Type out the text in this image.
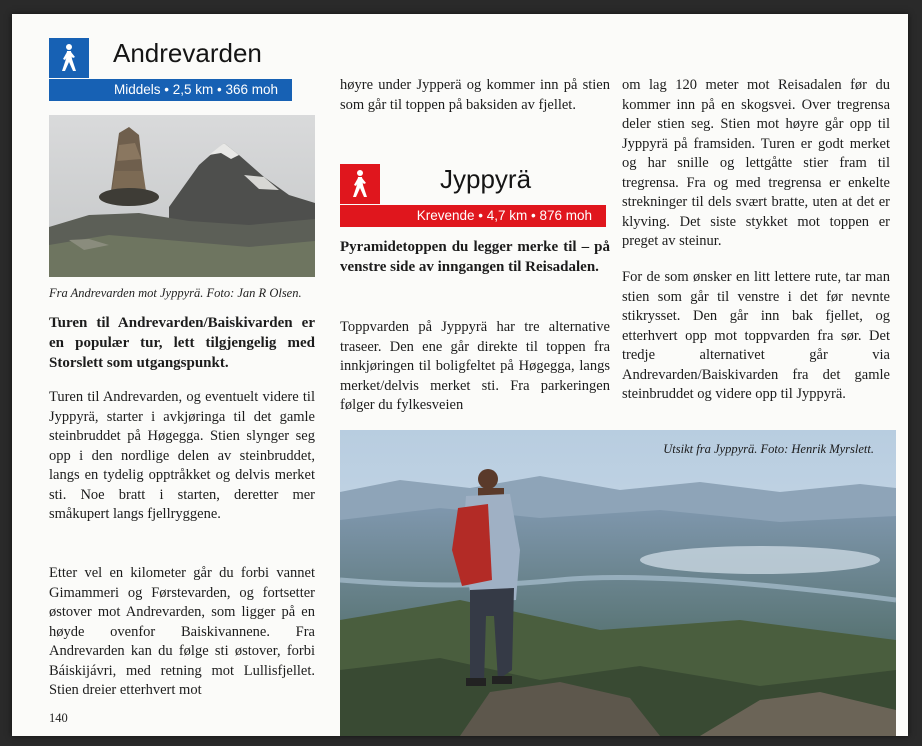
Andrevarden
Middels • 2,5 km • 366 moh
Fra Andrevarden mot Jyppyrä. Foto: Jan R Olsen.

Turen til Andrevarden/Baiskivarden er en populær tur, lett tilgjengelig med Storslett som utgangspunkt.

Turen til Andrevarden, og eventuelt videre til Jyppyrä, starter i avkjøringa til det gamle steinbruddet på Høgegga. Stien slynger seg opp i den nordlige delen av steinbruddet, langs en tydelig opptråkket og delvis merket sti. Noe bratt i starten, deretter mer småkupert langs fjellryggene.

Etter vel en kilometer går du forbi vannet Gimammeri og Førstevarden, og fortsetter østover mot Andrevarden, som ligger på en høyde ovenfor Baiskivannene. Fra Andrevarden kan du følge sti østover, forbi Báiskijávri, med retning mot Lullisfjellet. Stien dreier etterhvert mot

høyre under Jypperä og kommer inn på stien som går til toppen på baksiden av fjellet.

Jyppyrä
Krevende • 4,7 km • 876 moh

Pyramidetoppen du legger merke til – på venstre side av inngangen til Reisadalen.

Toppvarden på Jyppyrä har tre alternative traseer. Den ene går direkte til toppen fra innkjøringen til boligfeltet på Høgegga, langs merket/delvis merket sti. Fra parkeringen følger du fylkesveien

om lag 120 meter mot Reisadalen før du kommer inn på en skogsvei. Over tregrensa deler stien seg. Stien mot høyre går opp til Jyppyrä på framsiden. Turen er godt merket og har snille og lettgåtte stier fram til tregrensa. Fra og med tregrensa er enkelte strekninger til dels svært bratte, uten at det er klyving. Det siste stykket mot toppen er preget av steinur.

For de som ønsker en litt lettere rute, tar man stien som går til venstre i det før nevnte stikrysset. Den går inn bak fjellet, og etterhvert opp mot toppvarden fra sør. Det tredje alternativet går via Andrevarden/Baiskivarden fra det gamle steinbruddet og videre opp til Jyppyrä.

Utsikt fra Jyppyrä. Foto: Henrik Myrslett.
140
